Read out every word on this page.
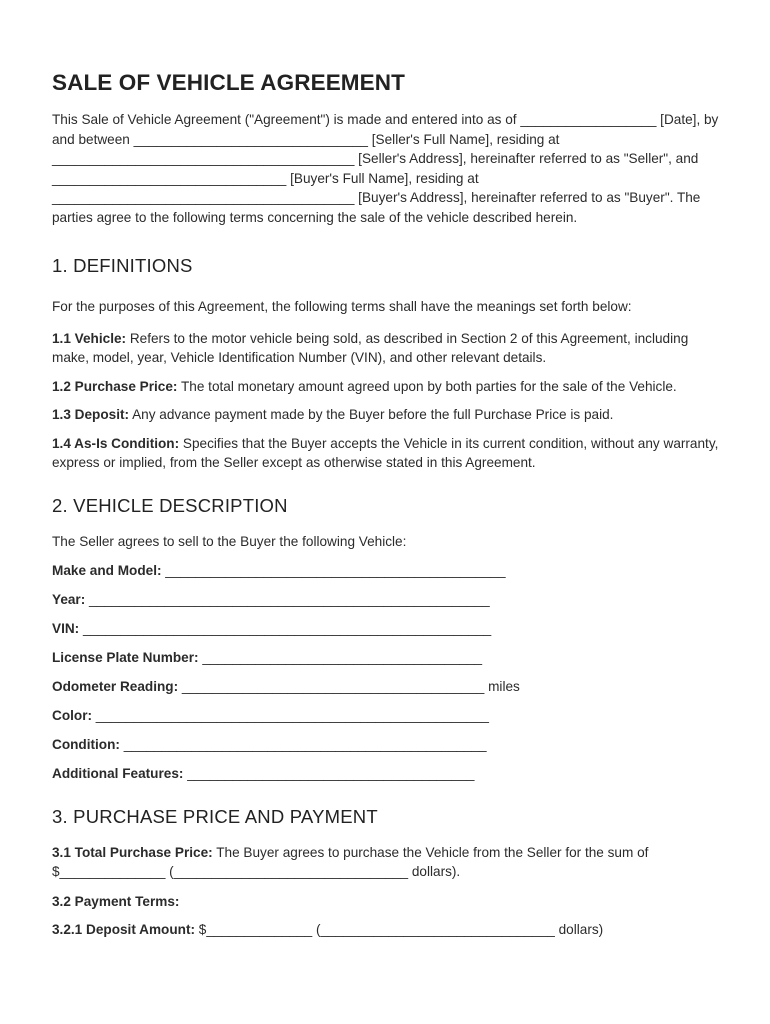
SALE OF VEHICLE AGREEMENT

This Sale of Vehicle Agreement ("Agreement") is made and entered into as of __________________ [Date], by and between _______________________________ [Seller's Full Name], residing at ________________________________________ [Seller's Address], hereinafter referred to as "Seller", and _______________________________ [Buyer's Full Name], residing at ________________________________________ [Buyer's Address], hereinafter referred to as "Buyer". The parties agree to the following terms concerning the sale of the vehicle described herein.

1. DEFINITIONS

For the purposes of this Agreement, the following terms shall have the meanings set forth below:

1.1 Vehicle: Refers to the motor vehicle being sold, as described in Section 2 of this Agreement, including make, model, year, Vehicle Identification Number (VIN), and other relevant details.

1.2 Purchase Price: The total monetary amount agreed upon by both parties for the sale of the Vehicle.

1.3 Deposit: Any advance payment made by the Buyer before the full Purchase Price is paid.

1.4 As-Is Condition: Specifies that the Buyer accepts the Vehicle in its current condition, without any warranty, express or implied, from the Seller except as otherwise stated in this Agreement.

2. VEHICLE DESCRIPTION

The Seller agrees to sell to the Buyer the following Vehicle:

Make and Model: _____________________________________________
Year: _____________________________________________________
VIN: ______________________________________________________
License Plate Number: _____________________________________
Odometer Reading: ________________________________________ miles
Color: ____________________________________________________
Condition: ________________________________________________
Additional Features: ______________________________________
3. PURCHASE PRICE AND PAYMENT

3.1 Total Purchase Price: The Buyer agrees to purchase the Vehicle from the Seller for the sum of $______________ (_______________________________ dollars).

3.2 Payment Terms:

3.2.1 Deposit Amount: $______________ (_______________________________ dollars)
